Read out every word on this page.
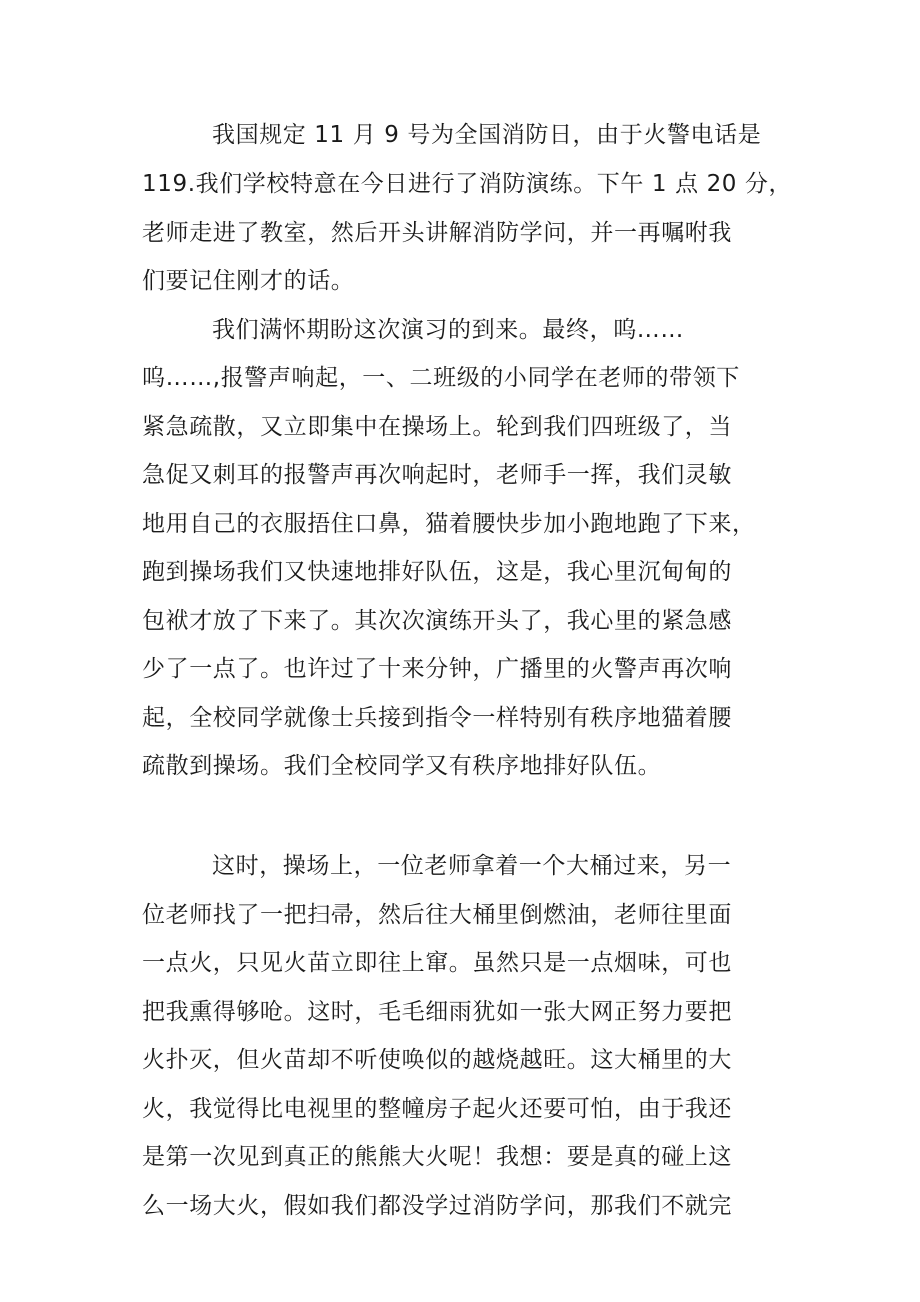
我国规定 11 月 9 号为全国消防日，由于火警电话是
119.我们学校特意在今日进行了消防演练。下午 1 点 20 分，
老师走进了教室，然后开头讲解消防学问，并一再嘱咐我
们要记住刚才的话。
我们满怀期盼这次演习的到来。最终，呜……
呜……,报警声响起，一、二班级的小同学在老师的带领下
紧急疏散，又立即集中在操场上。轮到我们四班级了，当
急促又刺耳的报警声再次响起时，老师手一挥，我们灵敏
地用自己的衣服捂住口鼻，猫着腰快步加小跑地跑了下来，
跑到操场我们又快速地排好队伍，这是，我心里沉甸甸的
包袱才放了下来了。其次次演练开头了，我心里的紧急感
少了一点了。也许过了十来分钟，广播里的火警声再次响
起，全校同学就像士兵接到指令一样特别有秩序地猫着腰
疏散到操场。我们全校同学又有秩序地排好队伍。
这时，操场上，一位老师拿着一个大桶过来，另一
位老师找了一把扫帚，然后往大桶里倒燃油，老师往里面
一点火，只见火苗立即往上窜。虽然只是一点烟味，可也
把我熏得够呛。这时，毛毛细雨犹如一张大网正努力要把
火扑灭，但火苗却不听使唤似的越烧越旺。这大桶里的大
火，我觉得比电视里的整幢房子起火还要可怕，由于我还
是第一次见到真正的熊熊大火呢！我想：要是真的碰上这
么一场大火，假如我们都没学过消防学问，那我们不就完
